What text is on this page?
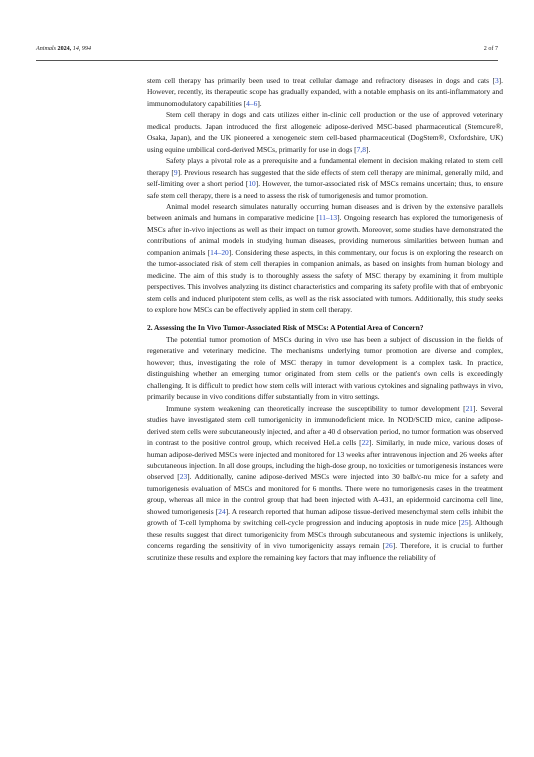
Animals 2024, 14, 994	2 of 7

stem cell therapy has primarily been used to treat cellular damage and refractory diseases in dogs and cats [3]. However, recently, its therapeutic scope has gradually expanded, with a notable emphasis on its anti-inflammatory and immunomodulatory capabilities [4–6].

Stem cell therapy in dogs and cats utilizes either in-clinic cell production or the use of approved veterinary medical products. Japan introduced the first allogeneic adipose-derived MSC-based pharmaceutical (Stemcure®, Osaka, Japan), and the UK pioneered a xenogeneic stem cell-based pharmaceutical (DogStem®, Oxfordshire, UK) using equine umbilical cord-derived MSCs, primarily for use in dogs [7,8].

Safety plays a pivotal role as a prerequisite and a fundamental element in decision making related to stem cell therapy [9]. Previous research has suggested that the side effects of stem cell therapy are minimal, generally mild, and self-limiting over a short period [10]. However, the tumor-associated risk of MSCs remains uncertain; thus, to ensure safe stem cell therapy, there is a need to assess the risk of tumorigenesis and tumor promotion.

Animal model research simulates naturally occurring human diseases and is driven by the extensive parallels between animals and humans in comparative medicine [11–13]. Ongoing research has explored the tumorigenesis of MSCs after in-vivo injections as well as their impact on tumor growth. Moreover, some studies have demonstrated the contributions of animal models in studying human diseases, providing numerous similarities between human and companion animals [14–20]. Considering these aspects, in this commentary, our focus is on exploring the research on the tumor-associated risk of stem cell therapies in companion animals, as based on insights from human biology and medicine. The aim of this study is to thoroughly assess the safety of MSC therapy by examining it from multiple perspectives. This involves analyzing its distinct characteristics and comparing its safety profile with that of embryonic stem cells and induced pluripotent stem cells, as well as the risk associated with tumors. Additionally, this study seeks to explore how MSCs can be effectively applied in stem cell therapy.

2. Assessing the In Vivo Tumor-Associated Risk of MSCs: A Potential Area of Concern?

The potential tumor promotion of MSCs during in vivo use has been a subject of discussion in the fields of regenerative and veterinary medicine. The mechanisms underlying tumor promotion are diverse and complex, however; thus, investigating the role of MSC therapy in tumor development is a complex task. In practice, distinguishing whether an emerging tumor originated from stem cells or the patient's own cells is exceedingly challenging. It is difficult to predict how stem cells will interact with various cytokines and signaling pathways in vivo, primarily because in vivo conditions differ substantially from in vitro settings.

Immune system weakening can theoretically increase the susceptibility to tumor development [21]. Several studies have investigated stem cell tumorigenicity in immunodeficient mice. In NOD/SCID mice, canine adipose-derived stem cells were subcutaneously injected, and after a 40 d observation period, no tumor formation was observed in contrast to the positive control group, which received HeLa cells [22]. Similarly, in nude mice, various doses of human adipose-derived MSCs were injected and monitored for 13 weeks after intravenous injection and 26 weeks after subcutaneous injection. In all dose groups, including the high-dose group, no toxicities or tumorigenesis instances were observed [23]. Additionally, canine adipose-derived MSCs were injected into 30 balb/c-nu mice for a safety and tumorigenesis evaluation of MSCs and monitored for 6 months. There were no tumorigenesis cases in the treatment group, whereas all mice in the control group that had been injected with A-431, an epidermoid carcinoma cell line, showed tumorigenesis [24]. A research reported that human adipose tissue-derived mesenchymal stem cells inhibit the growth of T-cell lymphoma by switching cell-cycle progression and inducing apoptosis in nude mice [25]. Although these results suggest that direct tumorigenicity from MSCs through subcutaneous and systemic injections is unlikely, concerns regarding the sensitivity of in vivo tumorigenicity assays remain [26]. Therefore, it is crucial to further scrutinize these results and explore the remaining key factors that may influence the reliability of
